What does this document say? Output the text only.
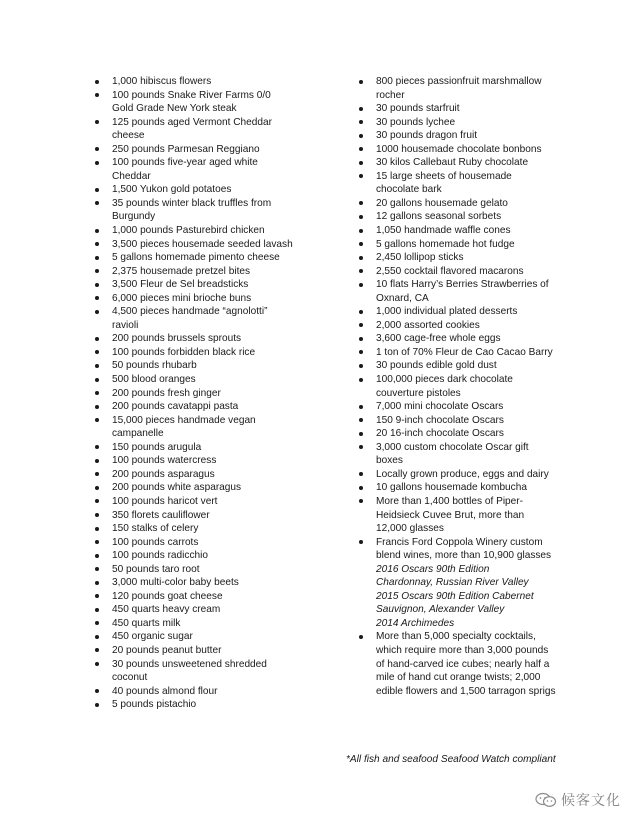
1,000 hibiscus flowers
100 pounds Snake River Farms 0/0
Gold Grade New York steak
125 pounds aged Vermont Cheddar
cheese
250 pounds Parmesan Reggiano
100 pounds five-year aged white
Cheddar
1,500 Yukon gold potatoes
35 pounds winter black truffles from
Burgundy
1,000 pounds Pasturebird chicken
3,500 pieces housemade seeded lavash
5 gallons homemade pimento cheese
2,375 housemade pretzel bites
3,500 Fleur de Sel breadsticks
6,000 pieces mini brioche buns
4,500 pieces handmade “agnolotti”
ravioli
200 pounds brussels sprouts
100 pounds forbidden black rice
50 pounds rhubarb
500 blood oranges
200 pounds fresh ginger
200 pounds cavatappi pasta
15,000 pieces handmade vegan
campanelle
150 pounds arugula
100 pounds watercress
200 pounds asparagus
200 pounds white asparagus
100 pounds haricot vert
350 florets cauliflower
150 stalks of celery
100 pounds carrots
100 pounds radicchio
50 pounds taro root
3,000 multi-color baby beets
120 pounds goat cheese
450 quarts heavy cream
450 quarts milk
450 organic sugar
20 pounds peanut butter
30 pounds unsweetened shredded
coconut
40 pounds almond flour
5 pounds pistachio
800 pieces passionfruit marshmallow
rocher
30 pounds starfruit
30 pounds lychee
30 pounds dragon fruit
1000 housemade chocolate bonbons
30 kilos Callebaut Ruby chocolate
15 large sheets of housemade
chocolate bark
20 gallons housemade gelato
12 gallons seasonal sorbets
1,050 handmade waffle cones
5 gallons homemade hot fudge
2,450 lollipop sticks
2,550 cocktail flavored macarons
10 flats Harry’s Berries Strawberries of
Oxnard, CA
1,000 individual plated desserts
2,000 assorted cookies
3,600 cage-free whole eggs
1 ton of 70% Fleur de Cao Cacao Barry
30 pounds edible gold dust
100,000 pieces dark chocolate
couverture pistoles
7,000 mini chocolate Oscars
150 9-inch chocolate Oscars
20 16-inch chocolate Oscars
3,000 custom chocolate Oscar gift
boxes
Locally grown produce, eggs and dairy
10 gallons housemade kombucha
More than 1,400 bottles of Piper-
Heidsieck Cuvee Brut, more than
12,000 glasses
Francis Ford Coppola Winery custom
blend wines, more than 10,900 glasses
2016 Oscars 90th Edition
Chardonnay, Russian River Valley
2015 Oscars 90th Edition Cabernet
Sauvignon, Alexander Valley
2014 Archimedes
More than 5,000 specialty cocktails,
which require more than 3,000 pounds
of hand-carved ice cubes; nearly half a
mile of hand cut orange twists; 2,000
edible flowers and 1,500 tarragon sprigs
*All fish and seafood Seafood Watch compliant
候客文化
